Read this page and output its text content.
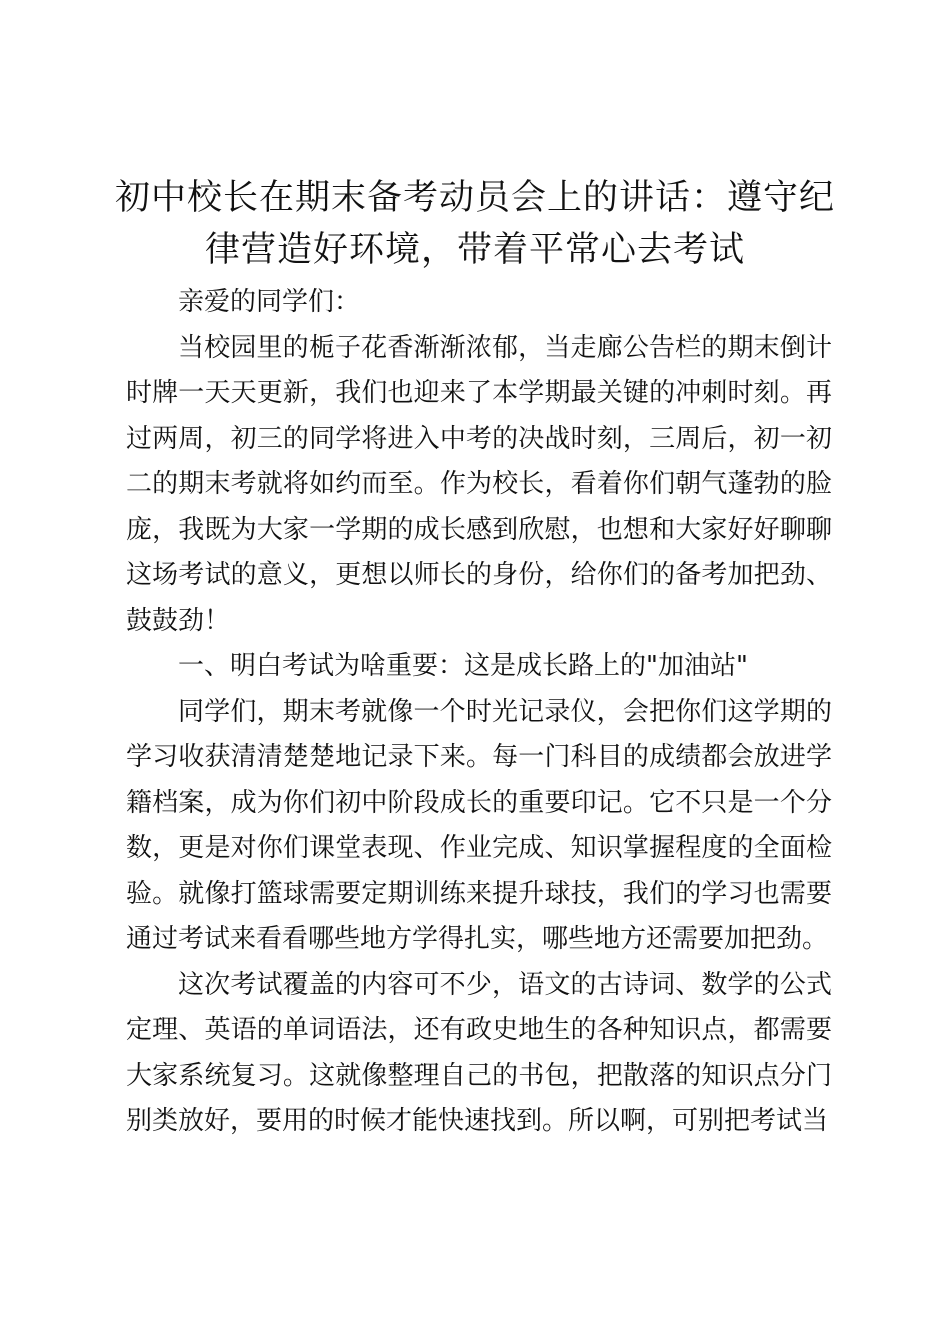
初中校长在期末备考动员会上的讲话：遵守纪律营造好环境，带着平常心去考试

亲爱的同学们：

当校园里的栀子花香渐渐浓郁，当走廊公告栏的期末倒计时牌一天天更新，我们也迎来了本学期最关键的冲刺时刻。再过两周，初三的同学将进入中考的决战时刻，三周后，初一初二的期末考就将如约而至。作为校长，看着你们朝气蓬勃的脸庞，我既为大家一学期的成长感到欣慰，也想和大家好好聊聊这场考试的意义，更想以师长的身份，给你们的备考加把劲、鼓鼓劲！

一、明白考试为啥重要：这是成长路上的"加油站"

同学们，期末考就像一个时光记录仪，会把你们这学期的学习收获清清楚楚地记录下来。每一门科目的成绩都会放进学籍档案，成为你们初中阶段成长的重要印记。它不只是一个分数，更是对你们课堂表现、作业完成、知识掌握程度的全面检验。就像打篮球需要定期训练来提升球技，我们的学习也需要通过考试来看看哪些地方学得扎实，哪些地方还需要加把劲。

这次考试覆盖的内容可不少，语文的古诗词、数学的公式定理、英语的单词语法，还有政史地生的各种知识点，都需要大家系统复习。这就像整理自己的书包，把散落的知识点分门别类放好，要用的时候才能快速找到。所以啊，可别把考试当
